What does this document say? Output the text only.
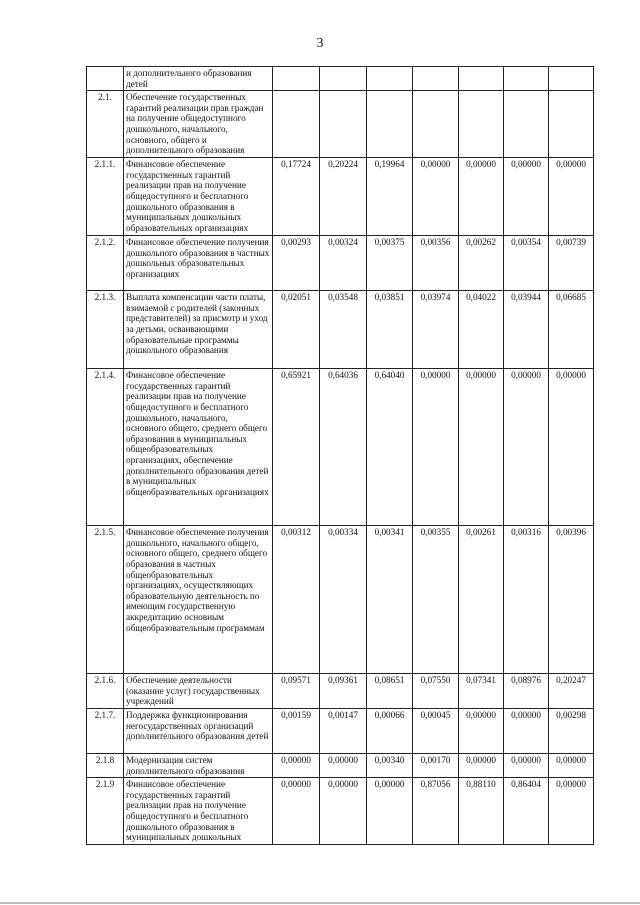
3
	и дополнительного образования детей							
2.1.	Обеспечение государственных гарантий реализации прав граждан на получение общедоступного дошкольного, начального, основного, общего и дополнительного образования							
2.1.1.	Финансовое обеспечение государственных гарантий реализации прав на получение общедоступного и бесплатного дошкольного образования в муниципальных дошкольных образовательных организациях	0,17724	0,20224	0,19964	0,00000	0,00000	0,00000	0,00000
2.1.2.	Финансовое обеспечение получения дошкольного образования в частных дошкольных образовательных организациях	0,00293	0,00324	0,00375	0,00356	0,00262	0,00354	0,00739
2.1.3.	Выплата компенсации части платы, взимаемой с родителей (законных представителей) за присмотр и уход за детьми, осваивающими образовательные программы дошкольного образования	0,02051	0,03548	0,03851	0,03974	0,04022	0,03944	0,06685
2.1.4.	Финансовое обеспечение государственных гарантий реализации прав на получение общедоступного и бесплатного дошкольного, начального, основного общего, среднего общего образования в муниципальных общеобразовательных организациях, обеспечение дополнительного образования детей в муниципальных общеобразовательных организациях	0,65921	0,64036	0,64040	0,00000	0,00000	0,00000	0,00000
2.1.5.	Финансовое обеспечение получения дошкольного, начального общего, основного общего, среднего общего образования в частных общеобразовательных организациях, осуществляющих образовательную деятельность по имеющим государственную аккредитацию основным общеобразовательным программам	0,00312	0,00334	0,00341	0,00355	0,00261	0,00316	0,00396
2.1.6.	Обеспечение деятельности (оказание услуг) государственных учреждений	0,09571	0,09361	0,08651	0,07550	0,07341	0,08976	0,20247
2.1.7.	Поддержка функционирования негосударственных организаций дополнительного образования детей	0,00159	0,00147	0,00066	0,00045	0,00000	0,00000	0,00298
2.1.8	Модернизация систем дополнительного образования	0,00000	0,00000	0,00340	0,00170	0,00000	0,00000	0,00000
2.1.9	Финансовое обеспечение государственных гарантий реализации прав на получение общедоступного и бесплатного дошкольного образования в муниципальных дошкольных	0,00000	0,00000	0,00000	0,87056	0,88110	0,86404	0,00000
